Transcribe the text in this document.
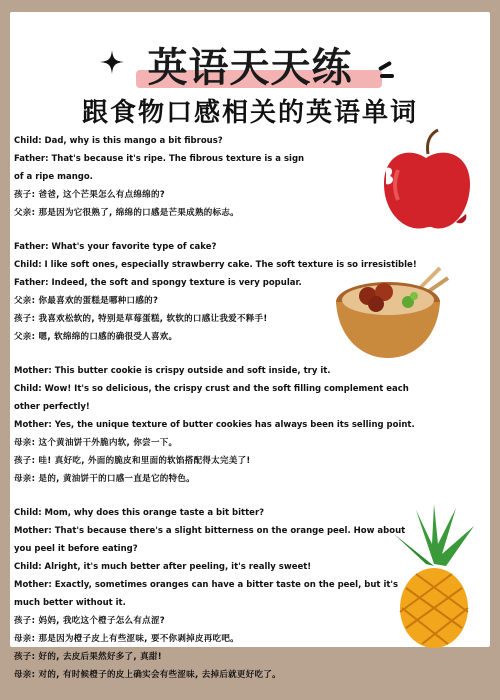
英语天天练
跟食物口感相关的英语单词
Child: Dad, why is this mango a bit fibrous?
Father: That's because it's ripe. The fibrous texture is a sign of a ripe mango.
孩子: 爸爸, 这个芒果怎么有点绵绵的?
父亲: 那是因为它很熟了, 绵绵的口感是芒果成熟的标志。
Father: What's your favorite type of cake?
Child: I like soft ones, especially strawberry cake. The soft texture is so irresistible!
Father: Indeed, the soft and spongy texture is very popular.
父亲: 你最喜欢的蛋糕是哪种口感的?
孩子: 我喜欢松软的, 特别是草莓蛋糕, 软软的口感让我爱不释手!
父亲: 嗯, 软绵绵的口感的确很受人喜欢。
Mother: This butter cookie is crispy outside and soft inside, try it.
Child: Wow! It's so delicious, the crispy crust and the soft filling complement each other perfectly!
Mother: Yes, the unique texture of butter cookies has always been its selling point.
母亲: 这个黄油饼干外脆内软, 你尝一下。
孩子: 哇! 真好吃, 外面的脆皮和里面的软馅搭配得太完美了!
母亲: 是的, 黄油饼干的口感一直是它的特色。
Child: Mom, why does this orange taste a bit bitter?
Mother: That's because there's a slight bitterness on the orange peel. How about you peel it before eating?
Child: Alright, it's much better after peeling, it's really sweet!
Mother: Exactly, sometimes oranges can have a bitter taste on the peel, but it's much better without it.
孩子: 妈妈, 我吃这个橙子怎么有点涩?
母亲: 那是因为橙子皮上有些涩味, 要不你剥掉皮再吃吧。
孩子: 好的, 去皮后果然好多了, 真甜!
母亲: 对的, 有时候橙子的皮上确实会有些涩味, 去掉后就更好吃了。
